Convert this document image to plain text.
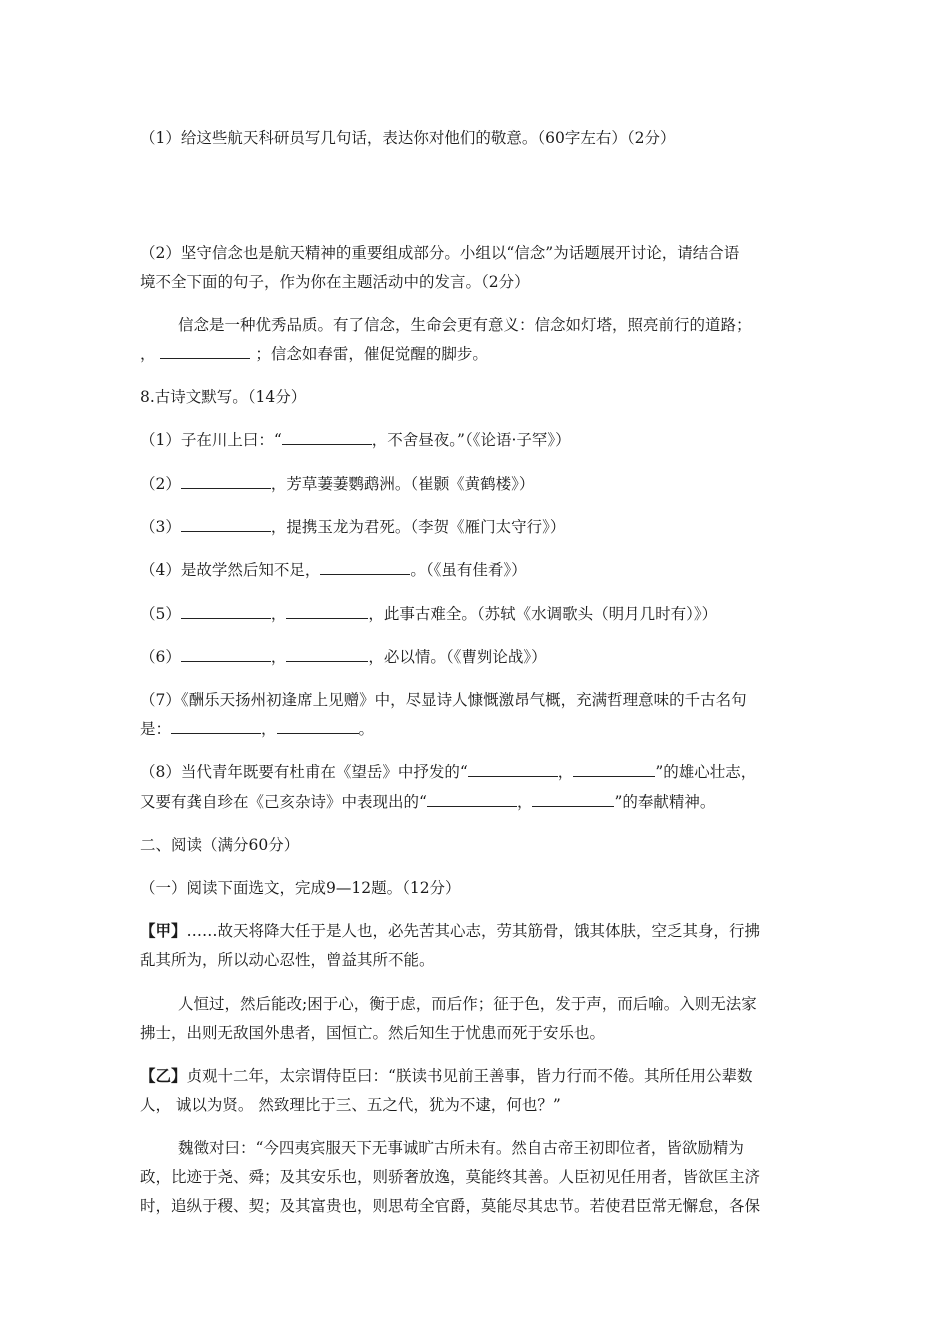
（1）给这些航天科研员写几句话，表达你对他们的敬意。（60字左右）（2分）
（2）坚守信念也是航天精神的重要组成部分。小组以“信念”为话题展开讨论，请结合语
境不全下面的句子，作为你在主题活动中的发言。（2分）
信念是一种优秀品质。有了信念，生命会更有意义：信念如灯塔，照亮前行的道路；
，	；信念如春雷，催促觉醒的脚步。
8.古诗文默写。（14分）
（1）子在川上曰：“	，不舍昼夜。”（《论语·子罕》）
（2）	，芳草萋萋鹦鹉洲。（崔颢《黄鹤楼》）
（3）	，提携玉龙为君死。（李贺《雁门太守行》）
（4）是故学然后知不足，	。（《虽有佳肴》）
（5）	，	，此事古难全。（苏轼《水调歌头（明月几时有）》）
（6）	，	，必以情。（《曹刿论战》）
（7）《酬乐天扬州初逢席上见赠》中，尽显诗人慷慨激昂气概，充满哲理意味的千古名句
是：	，	。
（8）当代青年既要有杜甫在《望岳》中抒发的“	，	”的雄心壮志，
又要有龚自珍在《己亥杂诗》中表现出的“	，	”的奉献精神。
二、阅读（满分60分）
（一）阅读下面选文，完成9—12题。（12分）
【甲】……故天将降大任于是人也，必先苦其心志，劳其筋骨，饿其体肤，空乏其身，行拂
乱其所为，所以动心忍性，曾益其所不能。
人恒过，然后能改;困于心，衡于虑，而后作；征于色，发于声，而后喻。入则无法家
拂士，出则无敌国外患者，国恒亡。然后知生于忧患而死于安乐也。
【乙】贞观十二年，太宗谓侍臣曰：“朕读书见前王善事，皆力行而不倦。其所任用公辈数
人， 诚以为贤。 然致理比于三、五之代，犹为不逮，何也？”
魏徵对曰：“今四夷宾服天下无事诚旷古所未有。然自古帝王初即位者，皆欲励精为
政，比迹于尧、舜；及其安乐也，则骄奢放逸，莫能终其善。人臣初见任用者，皆欲匡主济
时，追纵于稷、契；及其富贵也，则思苟全官爵，莫能尽其忠节。若使君臣常无懈怠，各保
